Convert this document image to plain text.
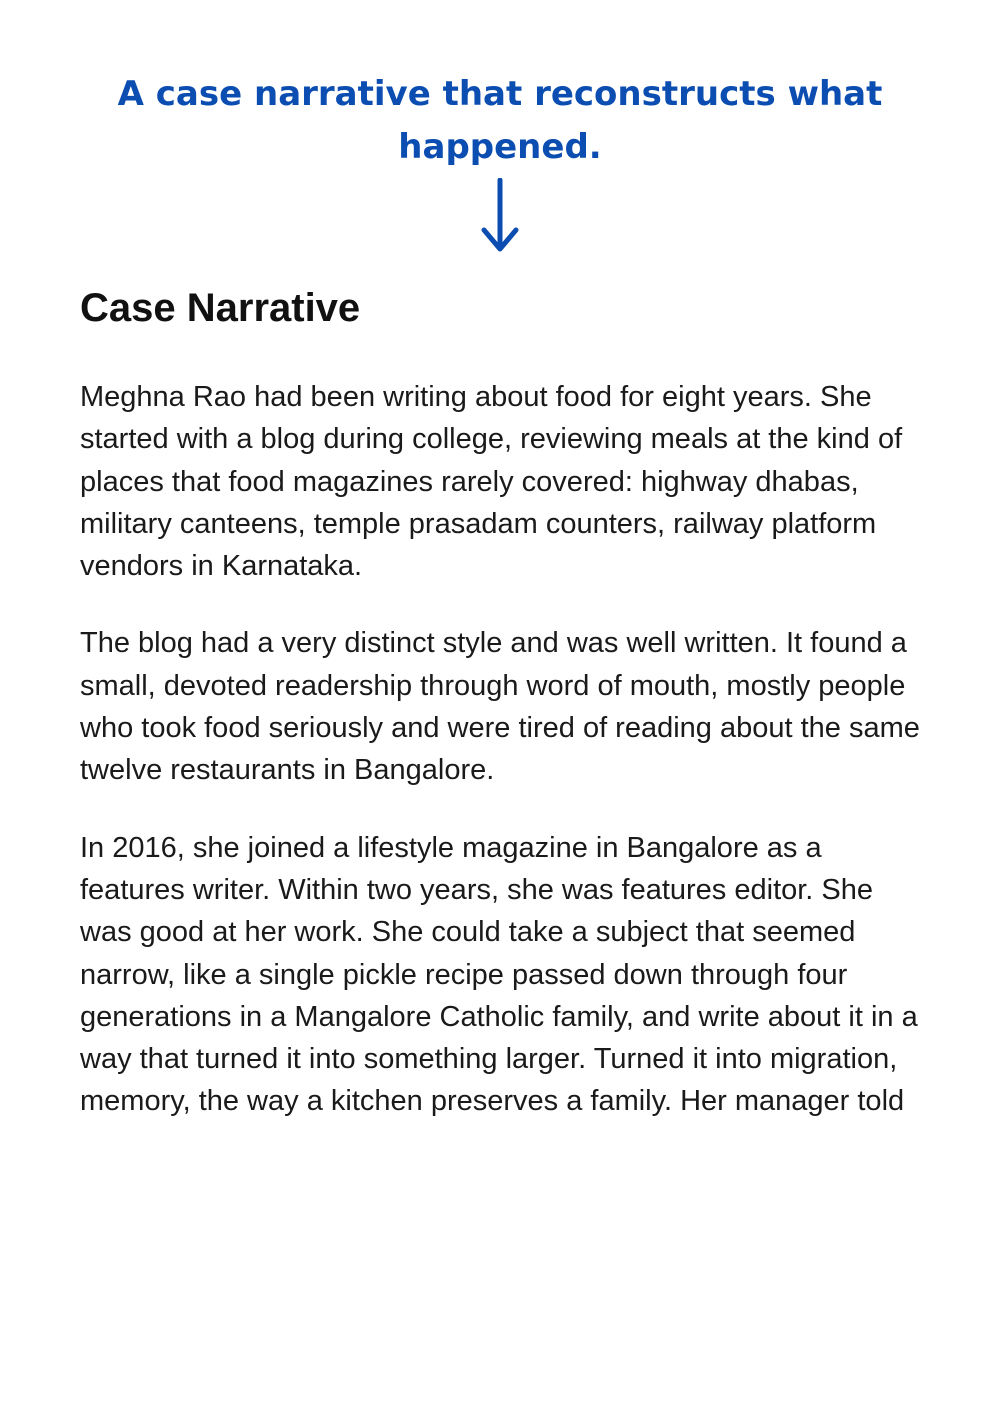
A case narrative that reconstructs what happened.

Case Narrative

Meghna Rao had been writing about food for eight years. She started with a blog during college, reviewing meals at the kind of places that food magazines rarely covered: highway dhabas, military canteens, temple prasadam counters, railway platform vendors in Karnataka.

The blog had a very distinct style and was well written. It found a small, devoted readership through word of mouth, mostly people who took food seriously and were tired of reading about the same twelve restaurants in Bangalore.

In 2016, she joined a lifestyle magazine in Bangalore as a features writer. Within two years, she was features editor. She was good at her work. She could take a subject that seemed narrow, like a single pickle recipe passed down through four generations in a Mangalore Catholic family, and write about it in a way that turned it into something larger. Turned it into migration, memory, the way a kitchen preserves a family. Her manager told
